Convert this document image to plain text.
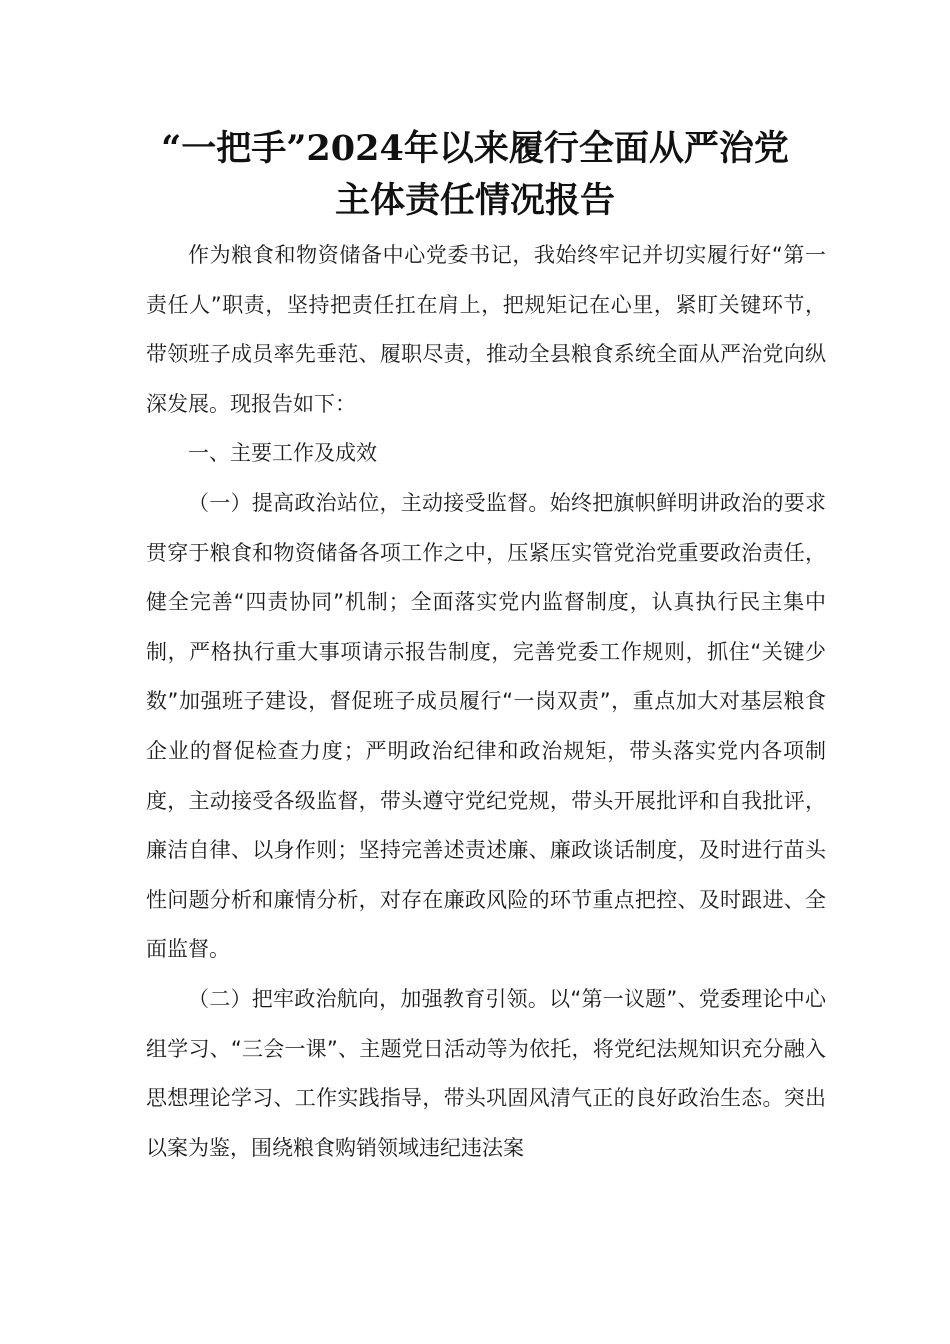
“一把手”2024年以来履行全面从严治党
主体责任情况报告

作为粮食和物资储备中心党委书记，我始终牢记并切实履行好“第一责任人”职责，坚持把责任扛在肩上，把规矩记在心里，紧盯关键环节，带领班子成员率先垂范、履职尽责，推动全县粮食系统全面从严治党向纵深发展。现报告如下：

一、主要工作及成效

（一）提高政治站位，主动接受监督。始终把旗帜鲜明讲政治的要求贯穿于粮食和物资储备各项工作之中，压紧压实管党治党重要政治责任，健全完善“四责协同”机制；全面落实党内监督制度，认真执行民主集中制，严格执行重大事项请示报告制度，完善党委工作规则，抓住“关键少数”加强班子建设，督促班子成员履行“一岗双责”，重点加大对基层粮食企业的督促检查力度；严明政治纪律和政治规矩，带头落实党内各项制度，主动接受各级监督，带头遵守党纪党规，带头开展批评和自我批评，廉洁自律、以身作则；坚持完善述责述廉、廉政谈话制度，及时进行苗头性问题分析和廉情分析，对存在廉政风险的环节重点把控、及时跟进、全面监督。

（二）把牢政治航向，加强教育引领。以“第一议题”、党委理论中心组学习、“三会一课”、主题党日活动等为依托，将党纪法规知识充分融入思想理论学习、工作实践指导，带头巩固风清气正的良好政治生态。突出以案为鉴，围绕粮食购销领域违纪违法案
